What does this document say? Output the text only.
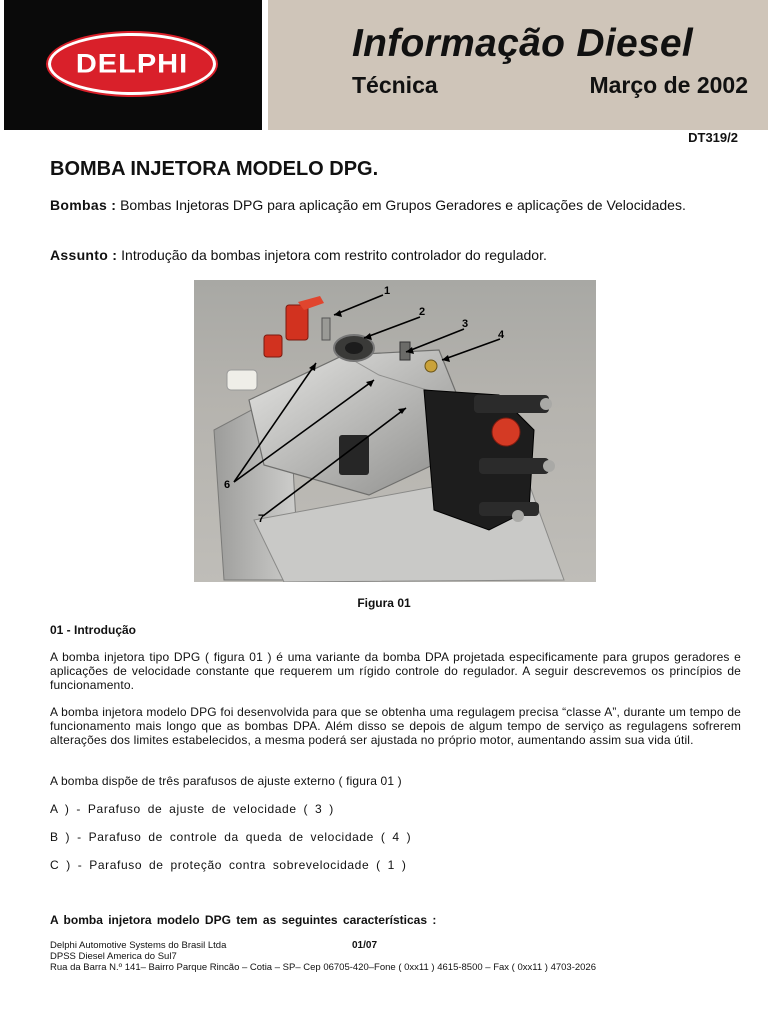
DELPHI	Informação Diesel
Técnica	Março de 2002
DT319/2
BOMBA INJETORA MODELO DPG.
Bombas : Bombas Injetoras DPG para aplicação em Grupos Geradores e aplicações de Velocidades.
Assunto : Introdução da bombas injetora com restrito controlador do regulador.
1
2
3
4
6
7
Figura 01
01 - Introdução
A bomba injetora tipo DPG ( figura 01 ) é uma variante da bomba DPA projetada especificamente para grupos geradores e aplicações de velocidade constante que requerem um rígido controle do regulador. A seguir descrevemos os princípios de funcionamento.
A bomba injetora modelo DPG foi desenvolvida para que se obtenha uma regulagem precisa “classe A”, durante um tempo de funcionamento mais longo que as bombas DPA. Além disso se depois de algum tempo de serviço as regulagens sofrerem alterações dos limites estabelecidos, a mesma poderá ser ajustada no próprio motor, aumentando assim sua vida útil.
A bomba dispõe de três parafusos de ajuste externo ( figura 01 )
A ) - Parafuso de ajuste de velocidade ( 3 )
B ) - Parafuso de controle da queda de velocidade ( 4 )
C ) - Parafuso de proteção contra sobrevelocidade ( 1 )
A bomba injetora modelo DPG tem as seguintes características :
Delphi Automotive Systems do Brasil Ltda	01/07
DPSS Diesel America do Sul7
Rua da Barra N.º 141– Bairro Parque Rincão – Cotia – SP– Cep 06705-420–Fone ( 0xx11 ) 4615-8500 – Fax ( 0xx11 ) 4703-2026
